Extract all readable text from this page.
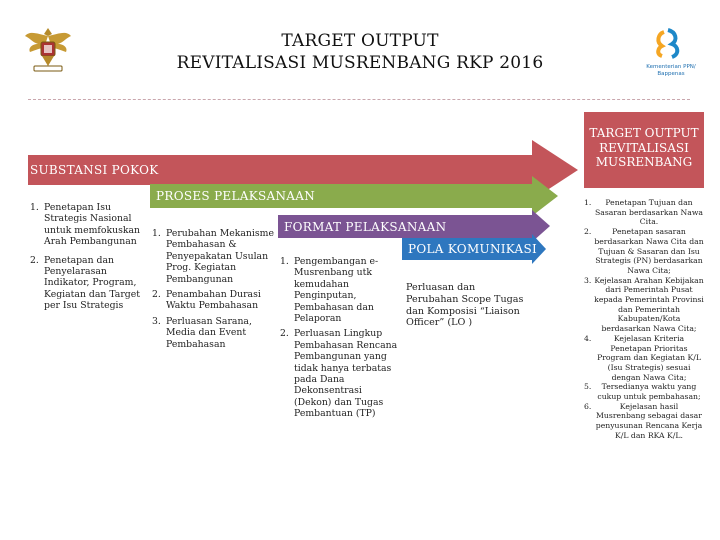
TARGET OUTPUT
REVITALISASI MUSRENBANG RKP 2016	Kementerian PPN/
Bappenas
SUBSTANSI POKOK
PROSES PELAKSANAAN
FORMAT PELAKSANAAN
POLA KOMUNIKASI
TARGET OUTPUT
REVITALISASI
MUSRENBANG
1. Penetapan Isu Strategis Nasional untuk memfokuskan Arah Pembangunan
2. Penetapan dan Penyelarasan Indikator, Program, Kegiatan dan Target per Isu Strategis
1. Perubahan Mekanisme Pembahasan & Penyepakatan Usulan Prog. Kegiatan Pembangunan
2. Penambahan Durasi Waktu Pembahasan
3. Perluasan Sarana, Media dan Event Pembahasan
1. Pengembangan e-Musrenbang utk kemudahan Penginputan, Pembahasan dan Pelaporan
2. Perluasan Lingkup Pembahasan Rencana Pembangunan yang tidak hanya terbatas pada Dana Dekonsentrasi (Dekon) dan Tugas Pembantuan (TP)
Perluasan dan Perubahan Scope Tugas dan Komposisi “Liaison Officer” (LO )
1.	Penetapan Tujuan dan Sasaran berdasarkan Nawa Cita.
2.	Penetapan sasaran berdasarkan Nawa Cita dan Tujuan & Sasaran dan Isu Strategis (PN) berdasarkan Nawa Cita;
3. Kejelasan Arahan Kebijakan dari Pemerintah Pusat kepada Pemerintah Provinsi dan Pemerintah Kabupaten/Kota berdasarkan Nawa Cita;
4.	Kejelasan Kriteria Penetapan Prioritas Program dan Kegiatan K/L (Isu Strategis) sesuai dengan Nawa Cita;
5.	Tersedianya waktu yang cukup untuk pembahasan;
6.	Kejelasan hasil Musrenbang sebagai dasar penyusunan Rencana Kerja K/L dan RKA K/L.
